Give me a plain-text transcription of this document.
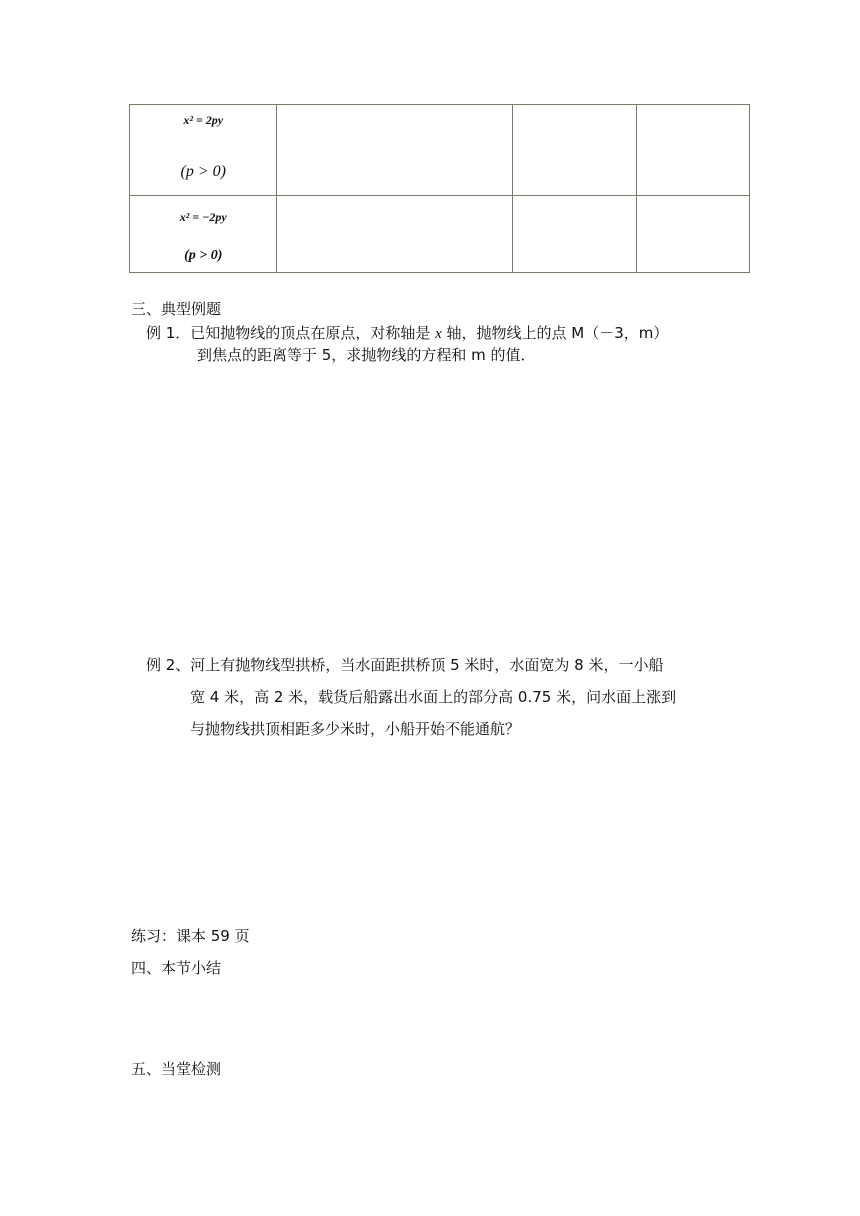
x² = 2py
(p > 0)			

x² = −2py
(p > 0)			

三、典型例题
例 1．已知抛物线的顶点在原点，对称轴是 x 轴，抛物线上的点 M（－3，m）
到焦点的距离等于 5，求抛物线的方程和 m 的值．
例 2、河上有抛物线型拱桥，当水面距拱桥顶 5 米时，水面宽为 8 米，一小船
宽 4 米，高 2 米，载货后船露出水面上的部分高 0.75 米，问水面上涨到
与抛物线拱顶相距多少米时，小船开始不能通航？
练习：课本 59 页
四、本节小结
五、当堂检测
